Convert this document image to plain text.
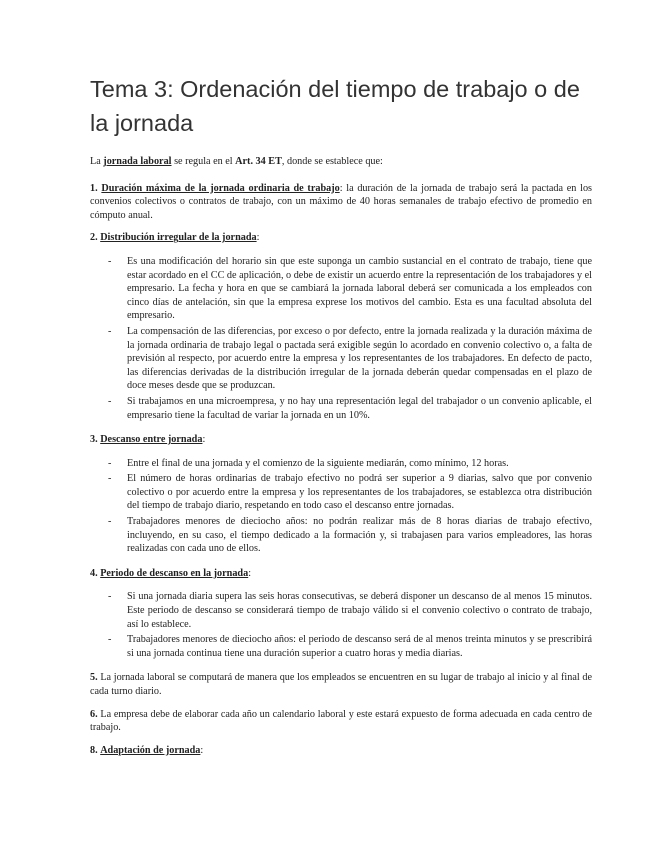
Tema 3: Ordenación del tiempo de trabajo o de la jornada

La jornada laboral se regula en el Art. 34 ET, donde se establece que:

1. Duración máxima de la jornada ordinaria de trabajo: la duración de la jornada de trabajo será la pactada en los convenios colectivos o contratos de trabajo, con un máximo de 40 horas semanales de trabajo efectivo de promedio en cómputo anual.

2. Distribución irregular de la jornada:

- Es una modificación del horario sin que este suponga un cambio sustancial en el contrato de trabajo, tiene que estar acordado en el CC de aplicación, o debe de existir un acuerdo entre la representación de los trabajadores y el empresario. La fecha y hora en que se cambiará la jornada laboral deberá ser comunicada a los empleados con cinco días de antelación, sin que la empresa exprese los motivos del cambio. Esta es una facultad absoluta del empresario.
- La compensación de las diferencias, por exceso o por defecto, entre la jornada realizada y la duración máxima de la jornada ordinaria de trabajo legal o pactada será exigible según lo acordado en convenio colectivo o, a falta de previsión al respecto, por acuerdo entre la empresa y los representantes de los trabajadores. En defecto de pacto, las diferencias derivadas de la distribución irregular de la jornada deberán quedar compensadas en el plazo de doce meses desde que se produzcan.
- Si trabajamos en una microempresa, y no hay una representación legal del trabajador o un convenio aplicable, el empresario tiene la facultad de variar la jornada en un 10%.

3. Descanso entre jornada:

- Entre el final de una jornada y el comienzo de la siguiente mediarán, como mínimo, 12 horas.
- El número de horas ordinarias de trabajo efectivo no podrá ser superior a 9 diarias, salvo que por convenio colectivo o por acuerdo entre la empresa y los representantes de los trabajadores, se establezca otra distribución del tiempo de trabajo diario, respetando en todo caso el descanso entre jornadas.
- Trabajadores menores de dieciocho años: no podrán realizar más de 8 horas diarias de trabajo efectivo, incluyendo, en su caso, el tiempo dedicado a la formación y, si trabajasen para varios empleadores, las horas realizadas con cada uno de ellos.

4. Periodo de descanso en la jornada:

- Si una jornada diaria supera las seis horas consecutivas, se deberá disponer un descanso de al menos 15 minutos. Este periodo de descanso se considerará tiempo de trabajo válido si el convenio colectivo o contrato de trabajo, así lo establece.
- Trabajadores menores de dieciocho años: el periodo de descanso será de al menos treinta minutos y se prescribirá si una jornada continua tiene una duración superior a cuatro horas y media diarias.

5. La jornada laboral se computará de manera que los empleados se encuentren en su lugar de trabajo al inicio y al final de cada turno diario.

6. La empresa debe de elaborar cada año un calendario laboral y este estará expuesto de forma adecuada en cada centro de trabajo.

8. Adaptación de jornada:
